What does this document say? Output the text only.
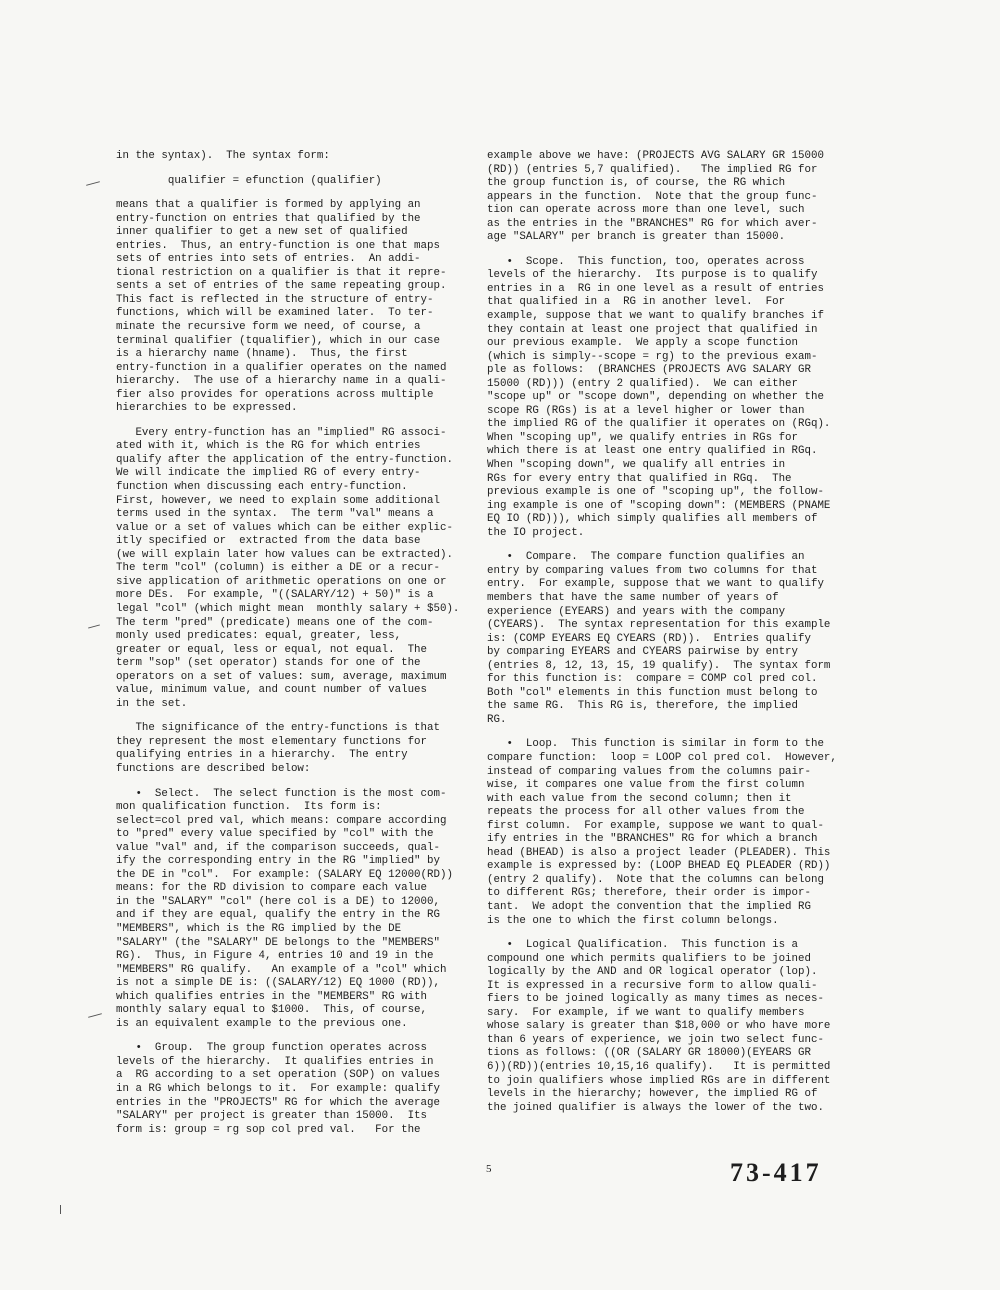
in the syntax).  The syntax form:
qualifier = efunction (qualifier)
means that a qualifier is formed by applying an
entry-function on entries that qualified by the
inner qualifier to get a new set of qualified
entries.  Thus, an entry-function is one that maps
sets of entries into sets of entries.  An addi-
tional restriction on a qualifier is that it repre-
sents a set of entries of the same repeating group.
This fact is reflected in the structure of entry-
functions, which will be examined later.  To ter-
minate the recursive form we need, of course, a
terminal qualifier (tqualifier), which in our case
is a hierarchy name (hname).  Thus, the first
entry-function in a qualifier operates on the named
hierarchy.  The use of a hierarchy name in a quali-
fier also provides for operations across multiple
hierarchies to be expressed.
Every entry-function has an "implied" RG associ-
ated with it, which is the RG for which entries
qualify after the application of the entry-function.
We will indicate the implied RG of every entry-
function when discussing each entry-function.
First, however, we need to explain some additional
terms used in the syntax.  The term "val" means a
value or a set of values which can be either explic-
itly specified or  extracted from the data base
(we will explain later how values can be extracted).
The term "col" (column) is either a DE or a recur-
sive application of arithmetic operations on one or
more DEs.  For example, "((SALARY/12) + 50)" is a
legal "col" (which might mean  monthly salary + $50).
The term "pred" (predicate) means one of the com-
monly used predicates: equal, greater, less,
greater or equal, less or equal, not equal.  The
term "sop" (set operator) stands for one of the
operators on a set of values: sum, average, maximum
value, minimum value, and count number of values
in the set.
The significance of the entry-functions is that
they represent the most elementary functions for
qualifying entries in a hierarchy.  The entry
functions are described below:
•  Select.  The select function is the most com-
mon qualification function.  Its form is:
select=col pred val, which means: compare according
to "pred" every value specified by "col" with the
value "val" and, if the comparison succeeds, qual-
ify the corresponding entry in the RG "implied" by
the DE in "col".  For example: (SALARY EQ 12000(RD))
means: for the RD division to compare each value
in the "SALARY" "col" (here col is a DE) to 12000,
and if they are equal, qualify the entry in the RG
"MEMBERS", which is the RG implied by the DE
"SALARY" (the "SALARY" DE belongs to the "MEMBERS"
RG).  Thus, in Figure 4, entries 10 and 19 in the
"MEMBERS" RG qualify.   An example of a "col" which
is not a simple DE is: ((SALARY/12) EQ 1000 (RD)),
which qualifies entries in the "MEMBERS" RG with
monthly salary equal to $1000.  This, of course,
is an equivalent example to the previous one.
•  Group.  The group function operates across
levels of the hierarchy.  It qualifies entries in
a  RG according to a set operation (SOP) on values
in a RG which belongs to it.  For example: qualify
entries in the "PROJECTS" RG for which the average
"SALARY" per project is greater than 15000.  Its
form is: group = rg sop col pred val.   For the
example above we have: (PROJECTS AVG SALARY GR 15000
(RD)) (entries 5,7 qualified).   The implied RG for
the group function is, of course, the RG which
appears in the function.  Note that the group func-
tion can operate across more than one level, such
as the entries in the "BRANCHES" RG for which aver-
age "SALARY" per branch is greater than 15000.
•  Scope.  This function, too, operates across
levels of the hierarchy.  Its purpose is to qualify
entries in a  RG in one level as a result of entries
that qualified in a  RG in another level.  For
example, suppose that we want to qualify branches if
they contain at least one project that qualified in
our previous example.  We apply a scope function
(which is simply--scope = rg) to the previous exam-
ple as follows:  (BRANCHES (PROJECTS AVG SALARY GR
15000 (RD))) (entry 2 qualified).  We can either
"scope up" or "scope down", depending on whether the
scope RG (RGs) is at a level higher or lower than
the implied RG of the qualifier it operates on (RGq).
When "scoping up", we qualify entries in RGs for
which there is at least one entry qualified in RGq.
When "scoping down", we qualify all entries in
RGs for every entry that qualified in RGq.  The
previous example is one of "scoping up", the follow-
ing example is one of "scoping down": (MEMBERS (PNAME
EQ IO (RD))), which simply qualifies all members of
the IO project.
•  Compare.  The compare function qualifies an
entry by comparing values from two columns for that
entry.  For example, suppose that we want to qualify
members that have the same number of years of
experience (EYEARS) and years with the company
(CYEARS).  The syntax representation for this example
is: (COMP EYEARS EQ CYEARS (RD)).  Entries qualify
by comparing EYEARS and CYEARS pairwise by entry
(entries 8, 12, 13, 15, 19 qualify).  The syntax form
for this function is:  compare = COMP col pred col.
Both "col" elements in this function must belong to
the same RG.  This RG is, therefore, the implied
RG.
•  Loop.  This function is similar in form to the
compare function:  loop = LOOP col pred col.  However,
instead of comparing values from the columns pair-
wise, it compares one value from the first column
with each value from the second column; then it
repeats the process for all other values from the
first column.  For example, suppose we want to qual-
ify entries in the "BRANCHES" RG for which a branch
head (BHEAD) is also a project leader (PLEADER). This
example is expressed by: (LOOP BHEAD EQ PLEADER (RD))
(entry 2 qualify).  Note that the columns can belong
to different RGs; therefore, their order is impor-
tant.  We adopt the convention that the implied RG
is the one to which the first column belongs.
•  Logical Qualification.  This function is a
compound one which permits qualifiers to be joined
logically by the AND and OR logical operator (lop).
It is expressed in a recursive form to allow quali-
fiers to be joined logically as many times as neces-
sary.  For example, if we want to qualify members
whose salary is greater than $18,000 or who have more
than 6 years of experience, we join two select func-
tions as follows: ((OR (SALARY GR 18000)(EYEARS GR
6))(RD))(entries 10,15,16 qualify).   It is permitted
to join qualifiers whose implied RGs are in different
levels in the hierarchy; however, the implied RG of
the joined qualifier is always the lower of the two.
5	73-417
